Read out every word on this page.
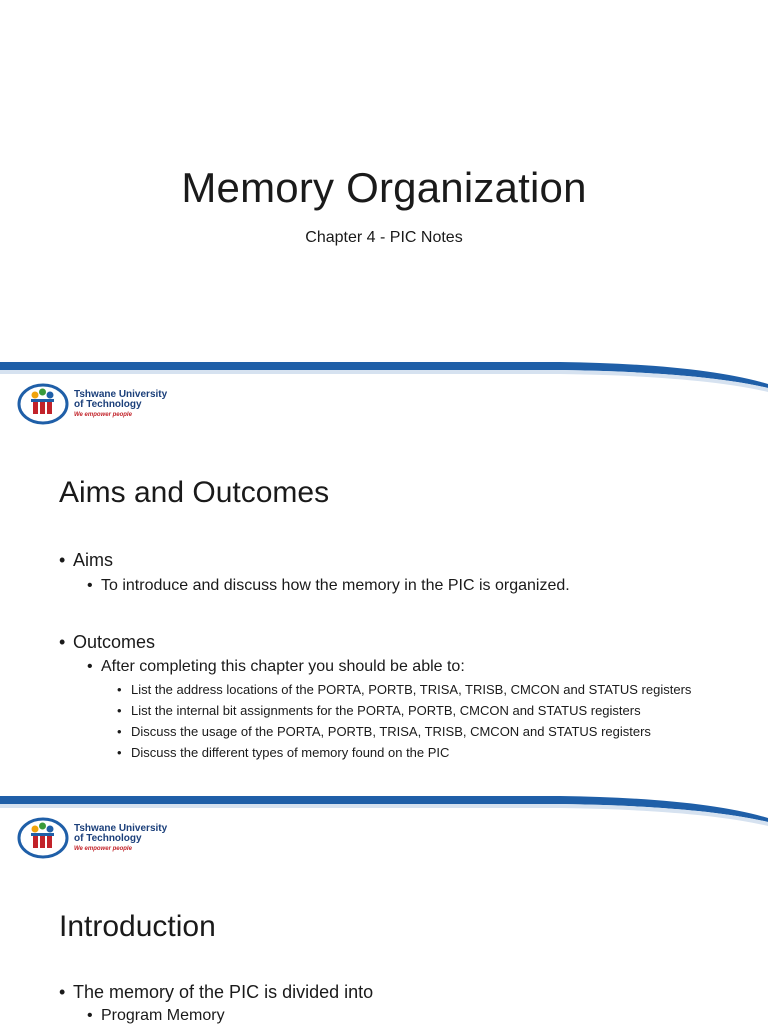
Memory Organization
Chapter 4 - PIC Notes
Tshwane University
of Technology
We empower people
Aims and Outcomes
• Aims
• To introduce and discuss how the memory in the PIC is organized.
• Outcomes
• After completing this chapter you should be able to:
• List the address locations of the PORTA, PORTB, TRISA, TRISB, CMCON and STATUS registers
• List the internal bit assignments for the PORTA, PORTB, CMCON and STATUS registers
• Discuss the usage of the PORTA, PORTB, TRISA, TRISB, CMCON and STATUS registers
• Discuss the different types of memory found on the PIC
Tshwane University
of Technology
We empower people
Introduction
• The memory of the PIC is divided into
• Program Memory
